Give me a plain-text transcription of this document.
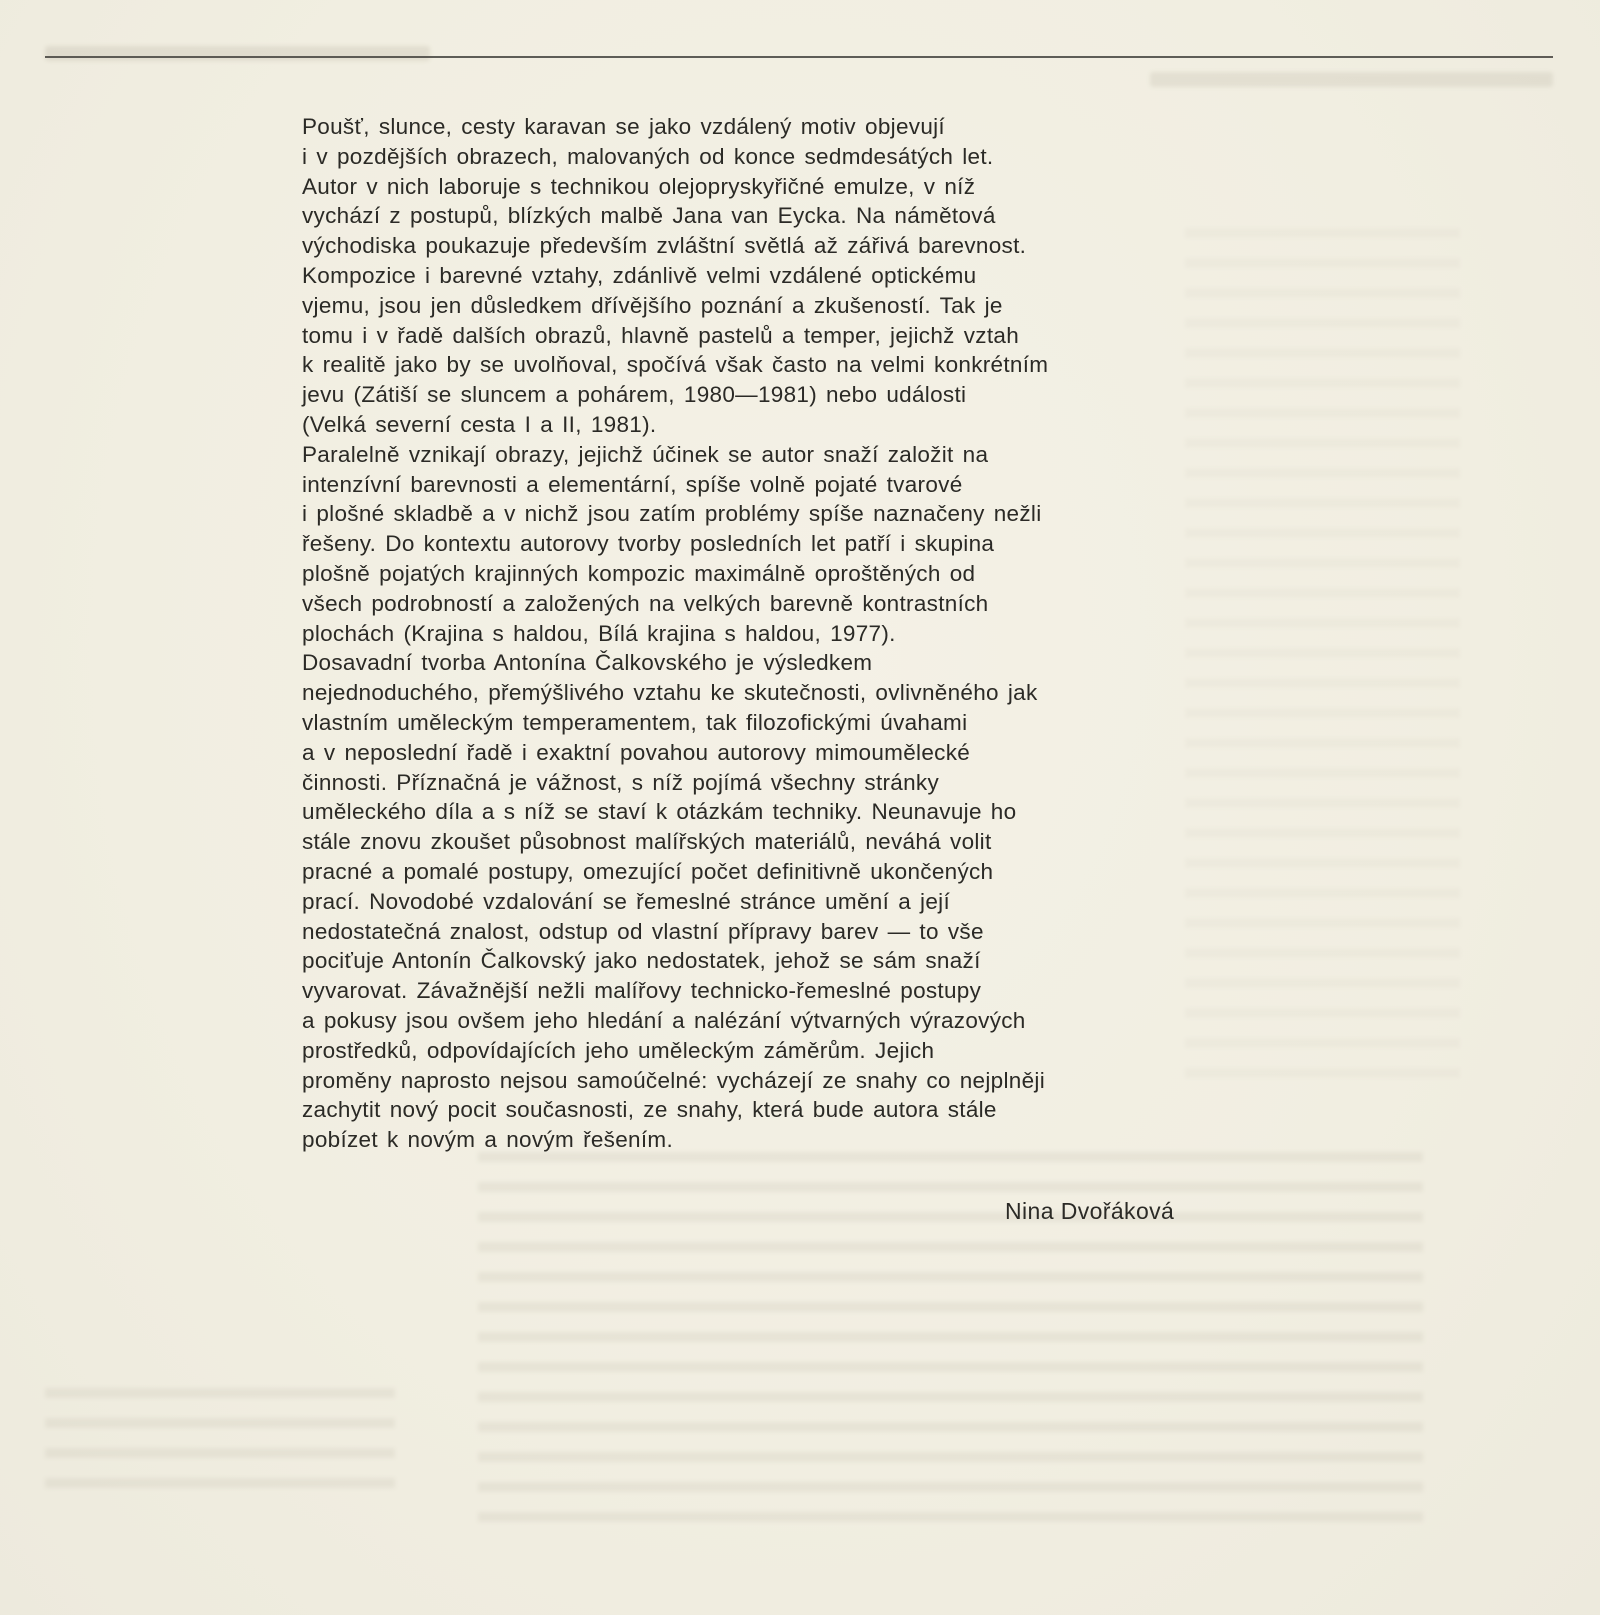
Poušť, slunce, cesty karavan se jako vzdálený motiv objevují
i v pozdějších obrazech, malovaných od konce sedmdesátých let.
Autor v nich laboruje s technikou olejopryskyřičné emulze, v níž
vychází z postupů, blízkých malbě Jana van Eycka. Na námětová
východiska poukazuje především zvláštní světlá až zářivá barevnost.
Kompozice i barevné vztahy, zdánlivě velmi vzdálené optickému
vjemu, jsou jen důsledkem dřívějšího poznání a zkušeností. Tak je
tomu i v řadě dalších obrazů, hlavně pastelů a temper, jejichž vztah
k realitě jako by se uvolňoval, spočívá však často na velmi konkrétním
jevu (Zátiší se sluncem a pohárem, 1980—1981) nebo události
(Velká severní cesta I a II, 1981).
Paralelně vznikají obrazy, jejichž účinek se autor snaží založit na
intenzívní barevnosti a elementární, spíše volně pojaté tvarové
i plošné skladbě a v nichž jsou zatím problémy spíše naznačeny nežli
řešeny. Do kontextu autorovy tvorby posledních let patří i skupina
plošně pojatých krajinných kompozic maximálně oproštěných od
všech podrobností a založených na velkých barevně kontrastních
plochách (Krajina s haldou, Bílá krajina s haldou, 1977).
Dosavadní tvorba Antonína Čalkovského je výsledkem
nejednoduchého, přemýšlivého vztahu ke skutečnosti, ovlivněného jak
vlastním uměleckým temperamentem, tak filozofickými úvahami
a v neposlední řadě i exaktní povahou autorovy mimoumělecké
činnosti. Příznačná je vážnost, s níž pojímá všechny stránky
uměleckého díla a s níž se staví k otázkám techniky. Neunavuje ho
stále znovu zkoušet působnost malířských materiálů, neváhá volit
pracné a pomalé postupy, omezující počet definitivně ukončených
prací. Novodobé vzdalování se řemeslné stránce umění a její
nedostatečná znalost, odstup od vlastní přípravy barev — to vše
pociťuje Antonín Čalkovský jako nedostatek, jehož se sám snaží
vyvarovat. Závažnější nežli malířovy technicko-řemeslné postupy
a pokusy jsou ovšem jeho hledání a nalézání výtvarných výrazových
prostředků, odpovídajících jeho uměleckým záměrům. Jejich
proměny naprosto nejsou samoúčelné: vycházejí ze snahy co nejplněji
zachytit nový pocit současnosti, ze snahy, která bude autora stále
pobízet k novým a novým řešením.
Nina Dvořáková
